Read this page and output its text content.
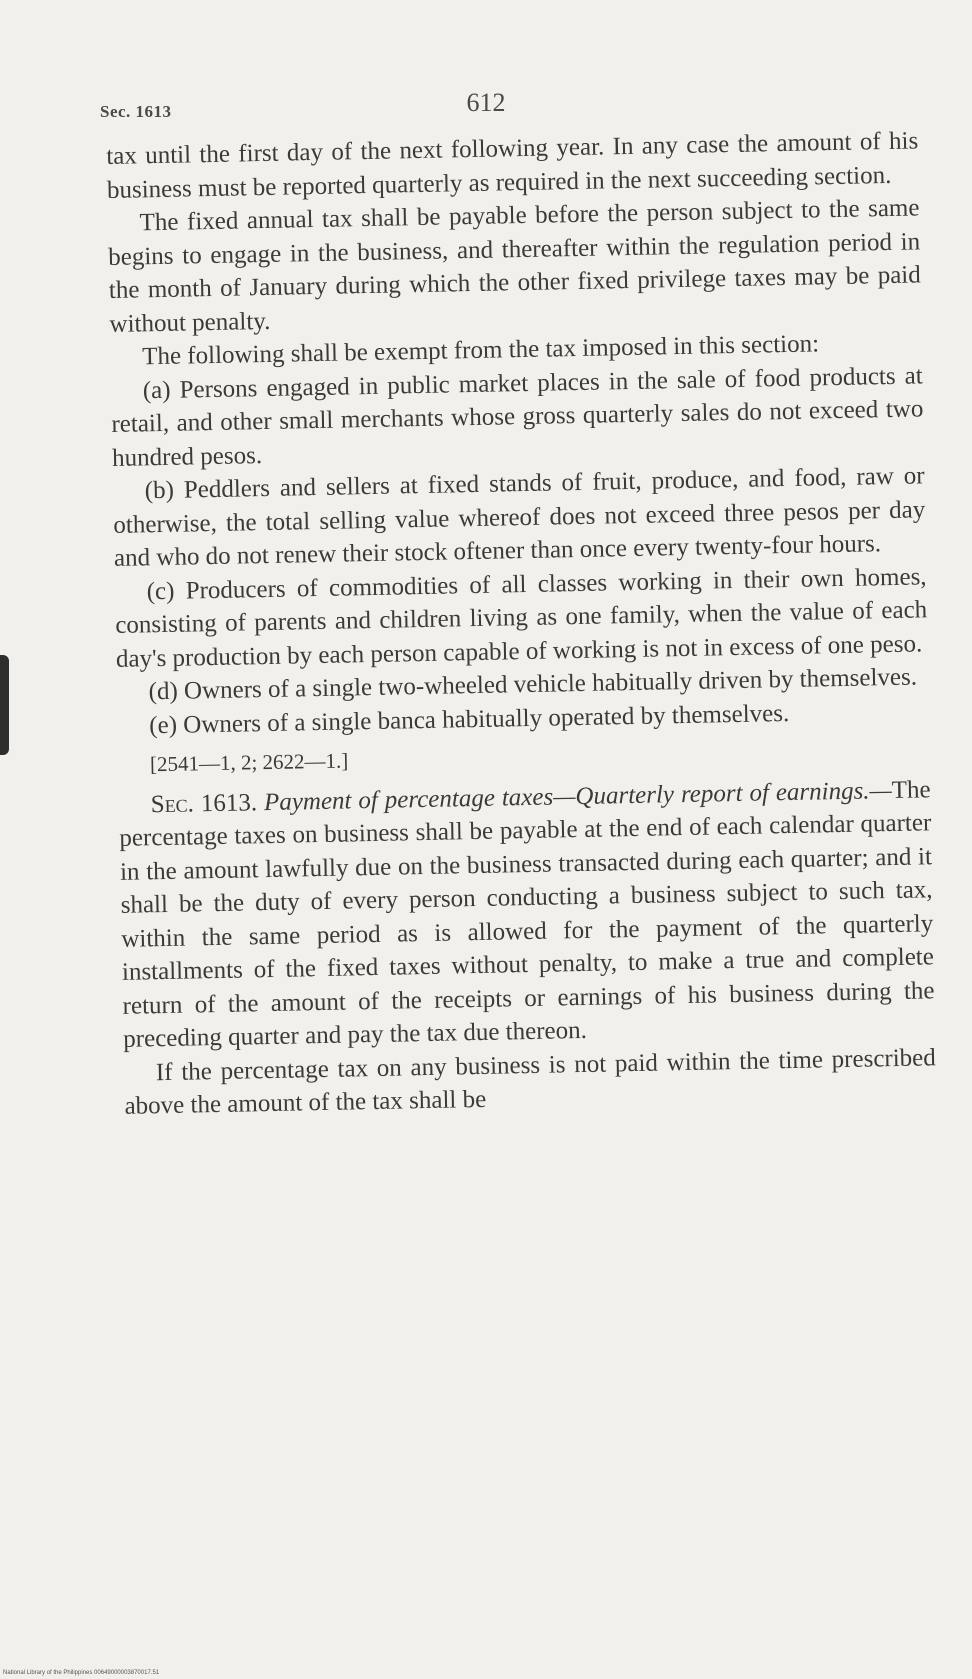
Sec. 1613	612

tax until the first day of the next following year. In any case the amount of his business must be reported quarterly as required in the next succeeding section.

The fixed annual tax shall be payable before the person subject to the same begins to engage in the business, and thereafter within the regulation period in the month of January during which the other fixed privilege taxes may be paid without penalty.

The following shall be exempt from the tax imposed in this section:

(a) Persons engaged in public market places in the sale of food products at retail, and other small merchants whose gross quarterly sales do not exceed two hundred pesos.

(b) Peddlers and sellers at fixed stands of fruit, produce, and food, raw or otherwise, the total selling value whereof does not exceed three pesos per day and who do not renew their stock oftener than once every twenty-four hours.

(c) Producers of commodities of all classes working in their own homes, consisting of parents and children living as one family, when the value of each day's production by each person capable of working is not in excess of one peso.

(d) Owners of a single two-wheeled vehicle habitually driven by themselves.

(e) Owners of a single banca habitually operated by themselves.

[2541—1, 2; 2622—1.]

Sec. 1613. Payment of percentage taxes—Quarterly report of earnings.—The percentage taxes on business shall be payable at the end of each calendar quarter in the amount lawfully due on the business transacted during each quarter; and it shall be the duty of every person conducting a business subject to such tax, within the same period as is allowed for the payment of the quarterly installments of the fixed taxes without penalty, to make a true and complete return of the amount of the receipts or earnings of his business during the preceding quarter and pay the tax due thereon.

If the percentage tax on any business is not paid within the time prescribed above the amount of the tax shall be

National Library of the Philippines 00649000003870017.51
